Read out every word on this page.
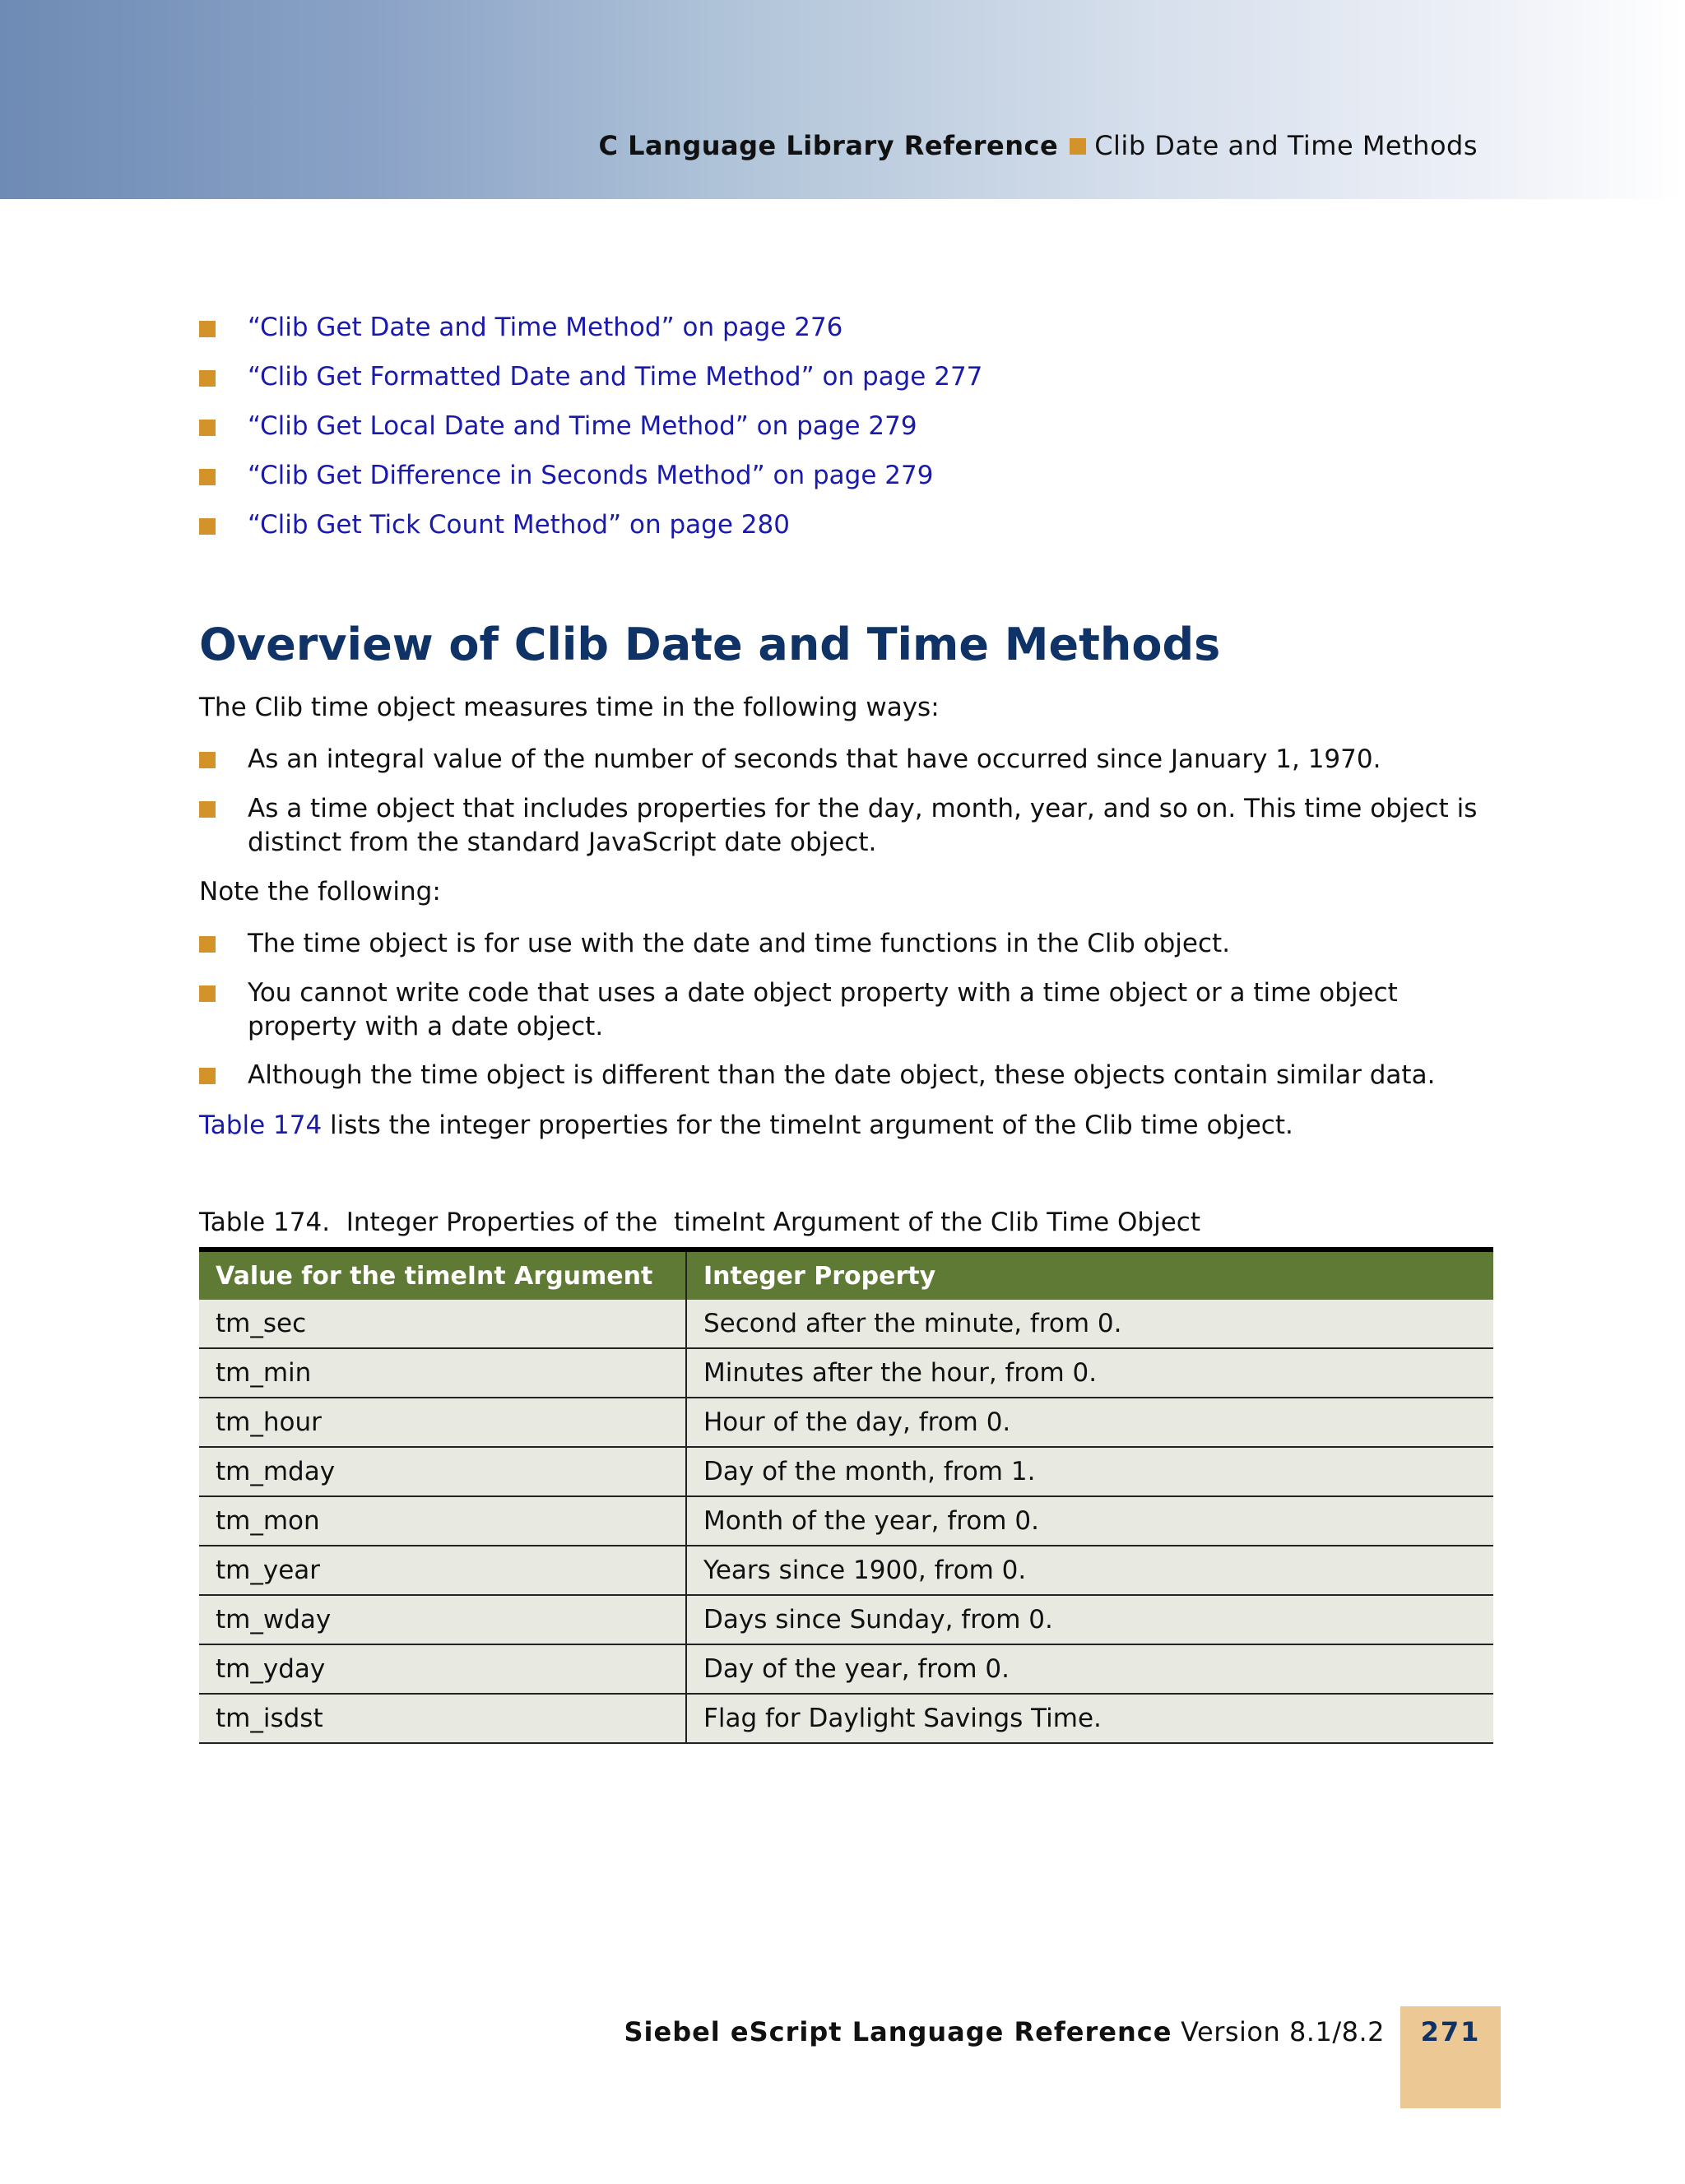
C Language Library Reference Clib Date and Time Methods
“Clib Get Date and Time Method” on page 276
“Clib Get Formatted Date and Time Method” on page 277
“Clib Get Local Date and Time Method” on page 279
“Clib Get Difference in Seconds Method” on page 279
“Clib Get Tick Count Method” on page 280
Overview of Clib Date and Time Methods
The Clib time object measures time in the following ways:
As an integral value of the number of seconds that have occurred since January 1, 1970.
As a time object that includes properties for the day, month, year, and so on. This time object is
distinct from the standard JavaScript date object.
Note the following:
The time object is for use with the date and time functions in the Clib object.
You cannot write code that uses a date object property with a time object or a time object
property with a date object.
Although the time object is different than the date object, these objects contain similar data.
Table 174 lists the integer properties for the timeInt argument of the Clib time object.
Table 174.  Integer Properties of the  timeInt Argument of the Clib Time Object
Value for the timeInt Argument	Integer Property
tm_sec	Second after the minute, from 0.
tm_min	Minutes after the hour, from 0.
tm_hour	Hour of the day, from 0.
tm_mday	Day of the month, from 1.
tm_mon	Month of the year, from 0.
tm_year	Years since 1900, from 0.
tm_wday	Days since Sunday, from 0.
tm_yday	Day of the year, from 0.
tm_isdst	Flag for Daylight Savings Time.
Siebel eScript Language Reference Version 8.1/8.2	271
